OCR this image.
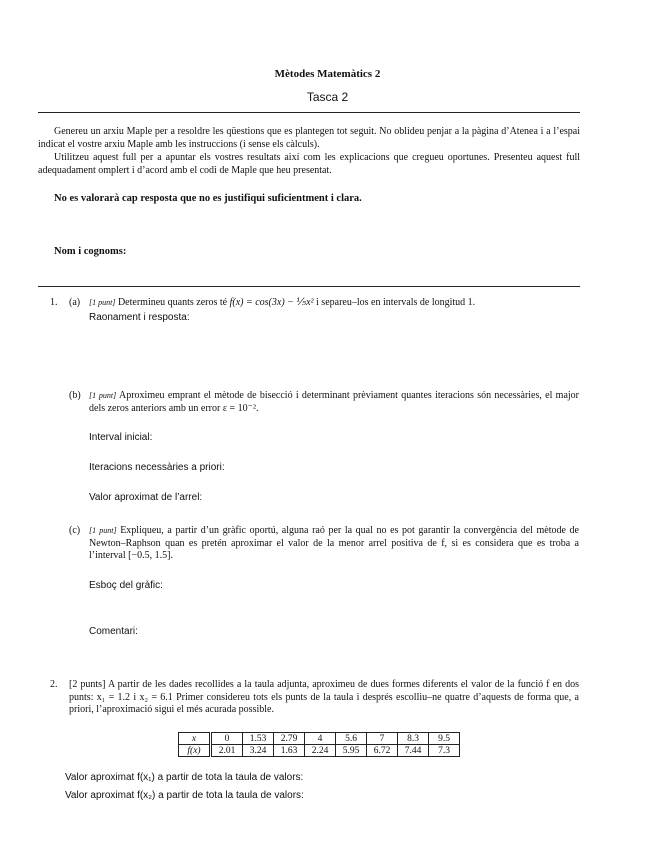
Mètodes Matemàtics 2
Tasca 2
Genereu un arxiu Maple per a resoldre les qüestions que es plantegen tot seguit. No oblideu penjar a la pàgina d’Atenea i a l’espai indicat el vostre arxiu Maple amb les instruccions (i sense els càlculs).
Utilitzeu aquest full per a apuntar els vostres resultats així com les explicacions que cregueu oportunes. Presenteu aquest full adequadament omplert i d’acord amb el codi de Maple que heu presentat.
No es valorarà cap resposta que no es justifiqui suficientment i clara.
Nom i cognoms:
1. (a) [1 punt] Determineu quants zeros té f(x) = cos(3x) − ⅕x² i separeu–los en intervals de longitud 1.
Raonament i resposta:
(b) [1 punt] Aproximeu emprant el mètode de bisecció i determinant prèviament quantes iteracions són necessàries, el major dels zeros anteriors amb un error ε = 10⁻².
Interval inicial:
Iteracions necessàries a priori:
Valor aproximat de l’arrel:
(c) [1 punt] Expliqueu, a partir d’un gràfic oportú, alguna raó per la qual no es pot garantir la convergència del mètode de Newton–Raphson quan es pretén aproximar el valor de la menor arrel positiva de f, si es considera que es troba a l’interval [−0.5, 1.5].
Esboç del gràfic:
Comentari:
2. [2 punts] A partir de les dades recollides a la taula adjunta, aproximeu de dues formes diferents el valor de la funció f en dos punts: x₁ = 1.2 i x₂ = 6.1 Primer considereu tots els punts de la taula i després escolliu–ne quatre d’aquests de forma que, a priori, l’aproximació sigui el més acurada possible.
x	0	1.53	2.79	4	5.6	7	8.3	9.5
f(x)	2.01	3.24	1.63	2.24	5.95	6.72	7.44	7.3
Valor aproximat f(x₁) a partir de tota la taula de valors:
Valor aproximat f(x₂) a partir de tota la taula de valors:
